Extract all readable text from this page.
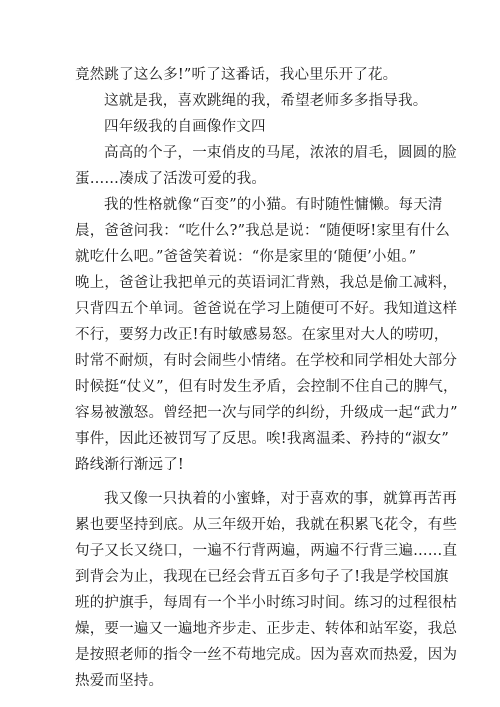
竟然跳了这么多!”听了这番话，我心里乐开了花。
这就是我，喜欢跳绳的我，希望老师多多指导我。
四年级我的自画像作文四
高高的个子，一束俏皮的马尾，浓浓的眉毛，圆圆的脸
蛋……凑成了活泼可爱的我。
我的性格就像“百变”的小猫。有时随性慵懒。每天清
晨，爸爸问我：“吃什么?”我总是说：“随便呀!家里有什么
就吃什么吧。”爸爸笑着说：“你是家里的‘随便’小姐。”
晚上，爸爸让我把单元的英语词汇背熟，我总是偷工减料，
只背四五个单词。爸爸说在学习上随便可不好。我知道这样
不行，要努力改正!有时敏感易怒。在家里对大人的唠叨，
时常不耐烦，有时会闹些小情绪。在学校和同学相处大部分
时候挺“仗义”，但有时发生矛盾，会控制不住自己的脾气，
容易被激怒。曾经把一次与同学的纠纷，升级成一起“武力”
事件，因此还被罚写了反思。唉!我离温柔、矜持的“淑女”
路线渐行渐远了!
我又像一只执着的小蜜蜂，对于喜欢的事，就算再苦再
累也要坚持到底。从三年级开始，我就在积累飞花令，有些
句子又长又绕口，一遍不行背两遍，两遍不行背三遍……直
到背会为止，我现在已经会背五百多句子了!我是学校国旗
班的护旗手，每周有一个半小时练习时间。练习的过程很枯
燥，要一遍又一遍地齐步走、正步走、转体和站军姿，我总
是按照老师的指令一丝不苟地完成。因为喜欢而热爱，因为
热爱而坚持。
